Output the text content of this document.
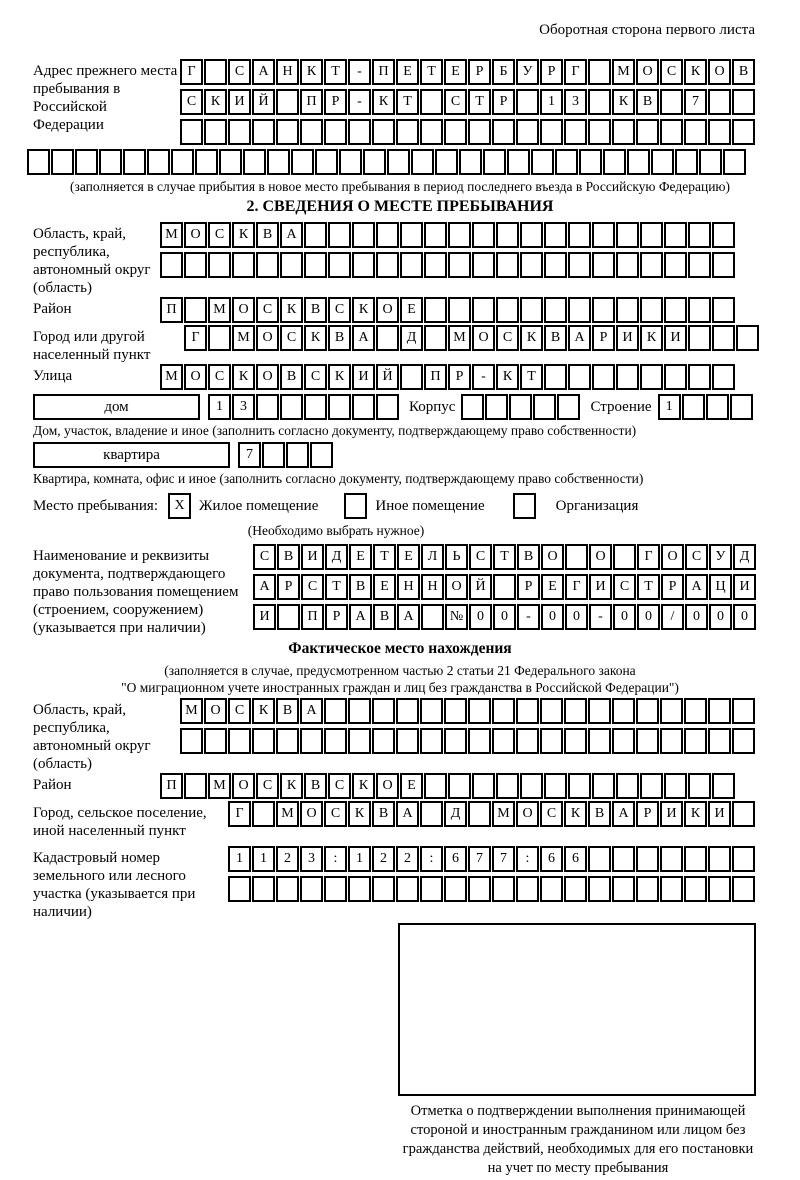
Оборотная сторона первого листа
Адрес прежнего места пребывания в Российской Федерации
Г	С	А Н	К	Т	-	П	Е	Т	Е	Р	Б	У	Р	Г	М О	С	К	О	В
С	К	И Й	П	Р	-	К	Т	С	Т	Р	1	3	К	В	7
(заполняется в случае прибытия в новое место пребывания в период последнего въезда в Российскую Федерацию)
2. СВЕДЕНИЯ О МЕСТЕ ПРЕБЫВАНИЯ
Область, край, республика, автономный округ (область)
М О	С	К	В	А
Район	П	М О	С	К	В	С	К	О	Е
Город или другой населенный пункт
Г	М О	С	К	В	А	Д	М О	С	К	В	А	Р	И	К	И
Улица	М О	С	К	О	В	С	К	И Й	П	Р	-	К	Т
дом	1	3	Корпус	Строение	1
Дом, участок, владение и иное (заполнить согласно документу, подтверждающему право собственности)
квартира	7
Квартира, комната, офис и иное (заполнить согласно документу, подтверждающему право собственности)
Место пребывания:	X Жилое помещение	Иное помещение	Организация
(Необходимо выбрать нужное)
Наименование и реквизиты документа, подтверждающего право пользования помещением (строением, сооружением) (указывается при наличии)
С	В	И	Д	Е	Т	Е	Л	Ь	С	Т	В	О	О	Г	О	С	У	Д
А	Р	С	Т	В	Е	Н Н О Й	Р	Е	Г	И	С	Т	Р	А Ц И
И	П	Р	А	В	А	№ 0	0	-	0	0	-	0	0	/	0	0	0
Фактическое место нахождения
(заполняется в случае, предусмотренном частью 2 статьи 21 Федерального закона
"О миграционном учете иностранных граждан и лиц без гражданства в Российской Федерации")
Область, край, республика, автономный округ (область)
М О	С	К	В	А
Район	П	М О	С	К	В	С	К	О	Е
Город, сельское поселение, иной населенный пункт
Г	М О	С	К	В	А	Д	М О	С	К	В	А	Р	И	К	И
Кадастровый номер земельного или лесного участка (указывается при наличии)
1	1	2	3	:	1	2	2	:	6	7	7	:	6	6
Отметка о подтверждении выполнения принимающей
стороной и иностранным гражданином или лицом без
гражданства действий, необходимых для его постановки
на учет по месту пребывания
